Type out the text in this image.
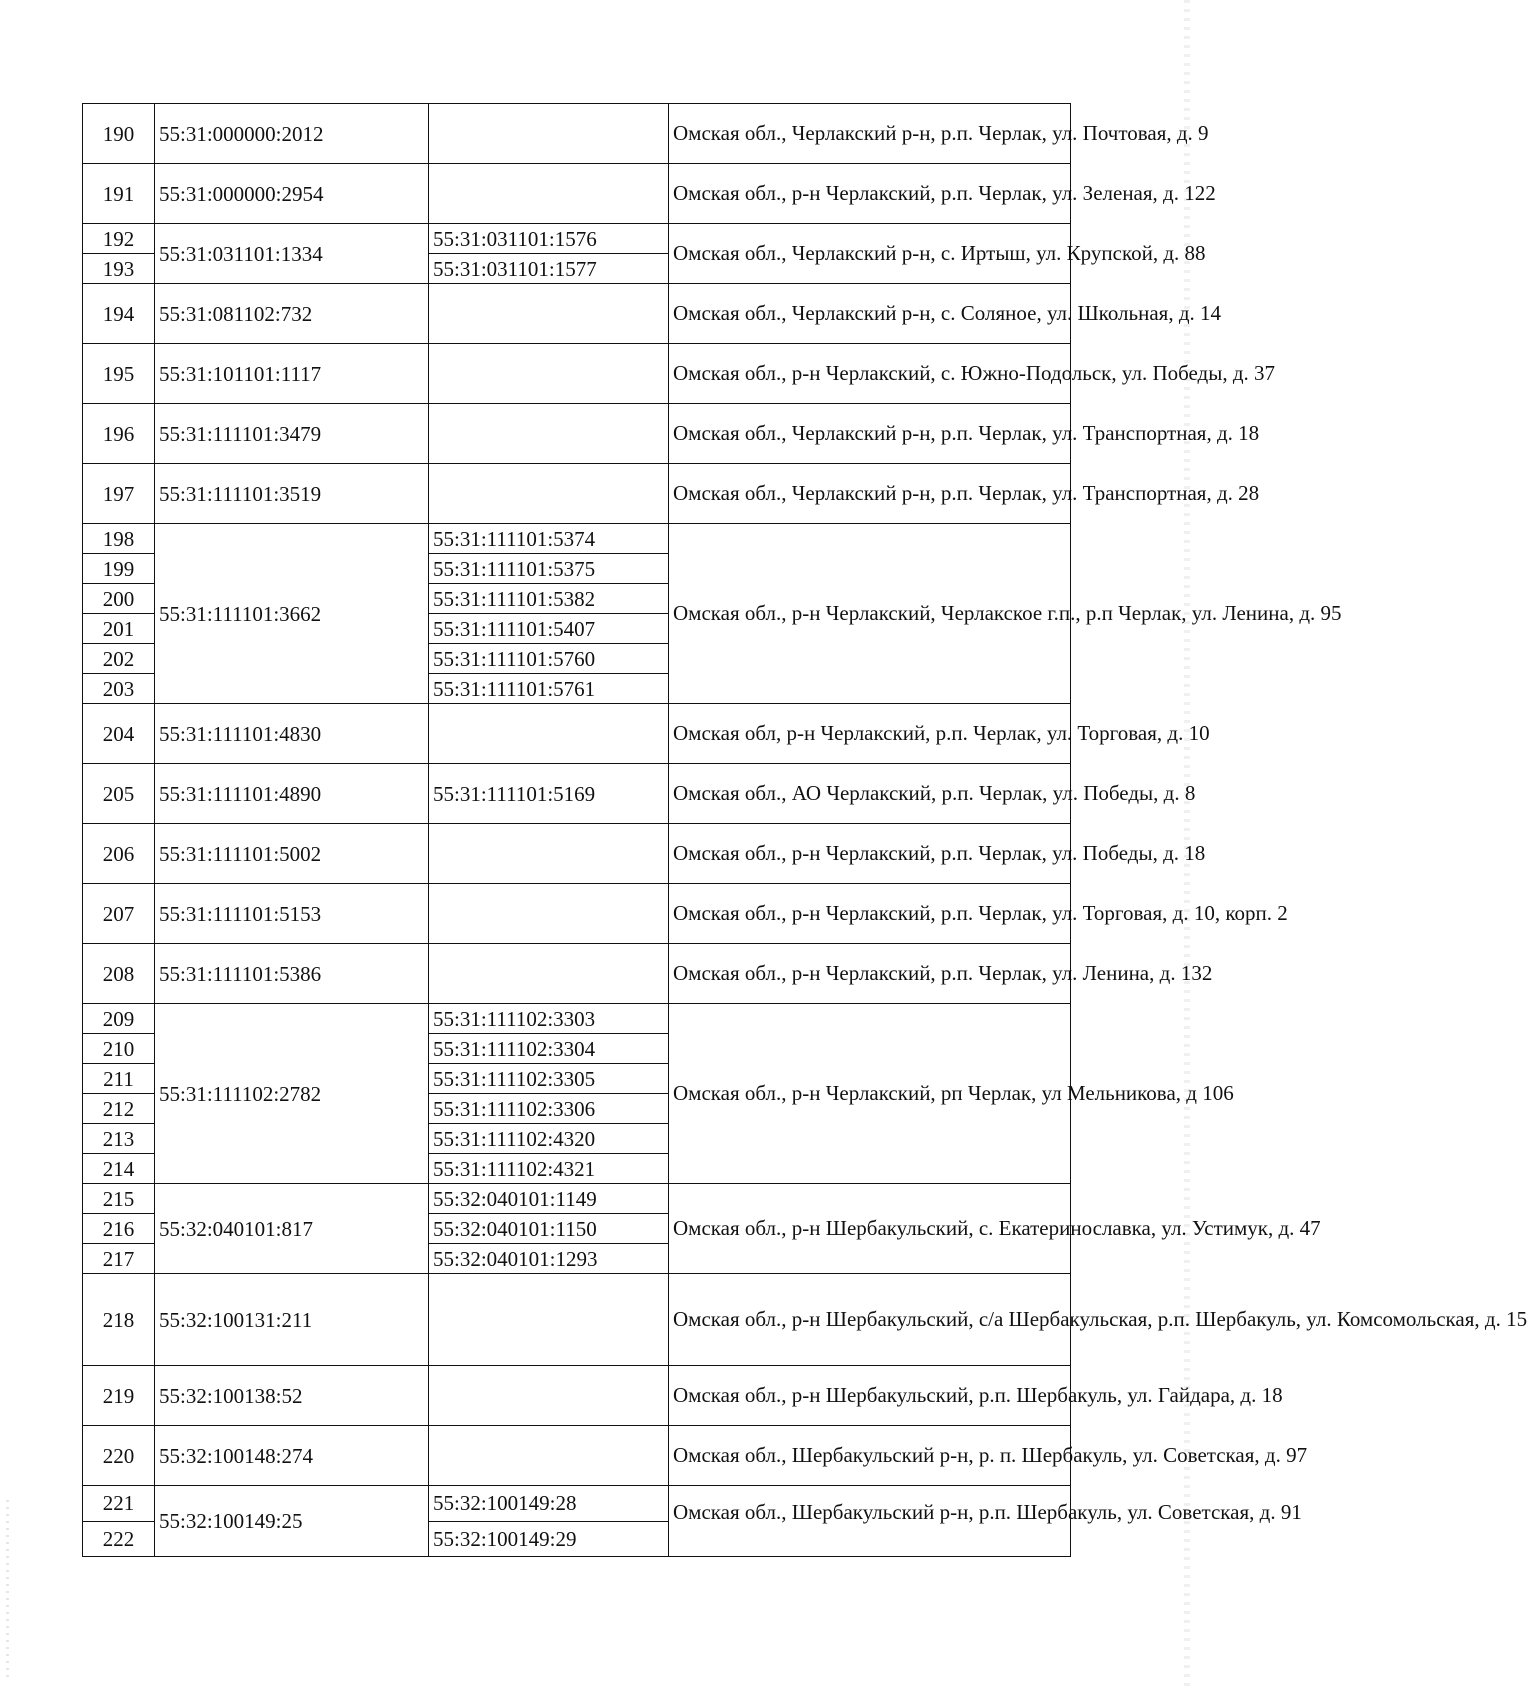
190	55:31:000000:2012		Омская обл., Черлакский р-н, р.п. Черлак, ул. Почтовая, д. 9
191	55:31:000000:2954		Омская обл., р-н Черлакский, р.п. Черлак, ул. Зеленая, д. 122
192	55:31:031101:1334	55:31:031101:1576	Омская обл., Черлакский р-н, с. Иртыш, ул. Крупской, д. 88
193		55:31:031101:1577	
194	55:31:081102:732		Омская обл., Черлакский р-н, с. Соляное, ул. Школьная, д. 14
195	55:31:101101:1117		Омская обл., р-н Черлакский, с. Южно-Подольск, ул. Победы, д. 37
196	55:31:111101:3479		Омская обл., Черлакский р-н, р.п. Черлак, ул. Транспортная, д. 18
197	55:31:111101:3519		Омская обл., Черлакский р-н, р.п. Черлак, ул. Транспортная, д. 28
198	55:31:111101:3662	55:31:111101:5374	Омская обл., р-н Черлакский, Черлакское г.п., р.п Черлак, ул. Ленина, д. 95
199		55:31:111101:5375	
200		55:31:111101:5382	
201		55:31:111101:5407	
202		55:31:111101:5760	
203		55:31:111101:5761	
204	55:31:111101:4830		Омская обл, р-н Черлакский, р.п. Черлак, ул. Торговая, д. 10
205	55:31:111101:4890	55:31:111101:5169	Омская обл., АО Черлакский, р.п. Черлак, ул. Победы, д. 8
206	55:31:111101:5002		Омская обл., р-н Черлакский, р.п. Черлак, ул. Победы, д. 18
207	55:31:111101:5153		Омская обл., р-н Черлакский, р.п. Черлак, ул. Торговая, д. 10, корп. 2
208	55:31:111101:5386		Омская обл., р-н Черлакский, р.п. Черлак, ул. Ленина, д. 132
209	55:31:111102:2782	55:31:111102:3303	Омская обл., р-н Черлакский, рп Черлак, ул Мельникова, д 106
210		55:31:111102:3304	
211		55:31:111102:3305	
212		55:31:111102:3306	
213		55:31:111102:4320	
214		55:31:111102:4321	
215	55:32:040101:817	55:32:040101:1149	Омская обл., р-н Шербакульский, с. Екатеринославка, ул. Устимук, д. 47
216		55:32:040101:1150	
217		55:32:040101:1293	
218	55:32:100131:211		Омская обл., р-н Шербакульский, с/а Шербакульская, р.п. Шербакуль, ул. Комсомольская, д. 15
219	55:32:100138:52		Омская обл., р-н Шербакульский, р.п. Шербакуль, ул. Гайдара, д. 18
220	55:32:100148:274		Омская обл., Шербакульский р-н, р. п. Шербакуль, ул. Советская, д. 97
221	55:32:100149:25	55:32:100149:28	Омская обл., Шербакульский р-н, р.п. Шербакуль, ул. Советская, д. 91

222		55:32:100149:29	
